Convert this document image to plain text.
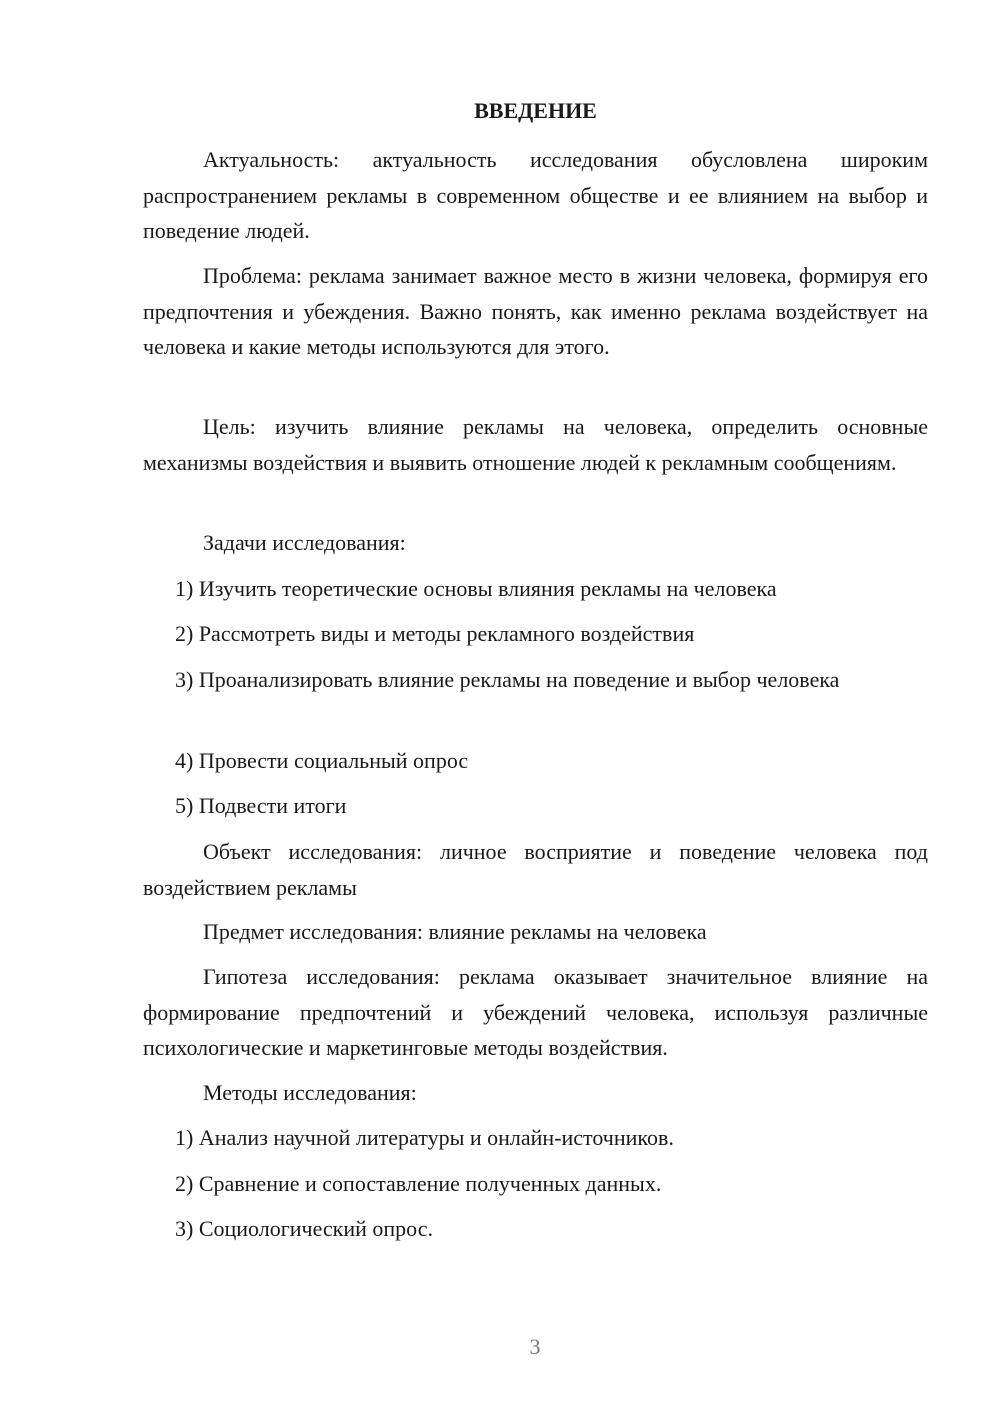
ВВЕДЕНИЕ

Актуальность: актуальность исследования обусловлена широким распространением рекламы в современном обществе и ее влиянием на выбор и поведение людей.

Проблема: реклама занимает важное место в жизни человека, формируя его предпочтения и убеждения. Важно понять, как именно реклама воздействует на человека и какие методы используются для этого.

Цель: изучить влияние рекламы на человека, определить основные механизмы воздействия и выявить отношение людей к рекламным сообщениям.

Задачи исследования:

1) Изучить теоретические основы влияния рекламы на человека

2) Рассмотреть виды и методы рекламного воздействия

3) Проанализировать влияние рекламы на поведение и выбор человека

4) Провести социальный опрос

5) Подвести итоги

Объект исследования: личное восприятие и поведение человека под воздействием рекламы

Предмет исследования: влияние рекламы на человека

Гипотеза исследования: реклама оказывает значительное влияние на формирование предпочтений и убеждений человека, используя различные психологические и маркетинговые методы воздействия.

Методы исследования:

1) Анализ научной литературы и онлайн-источников.

2) Сравнение и сопоставление полученных данных.

3) Социологический опрос.

3
